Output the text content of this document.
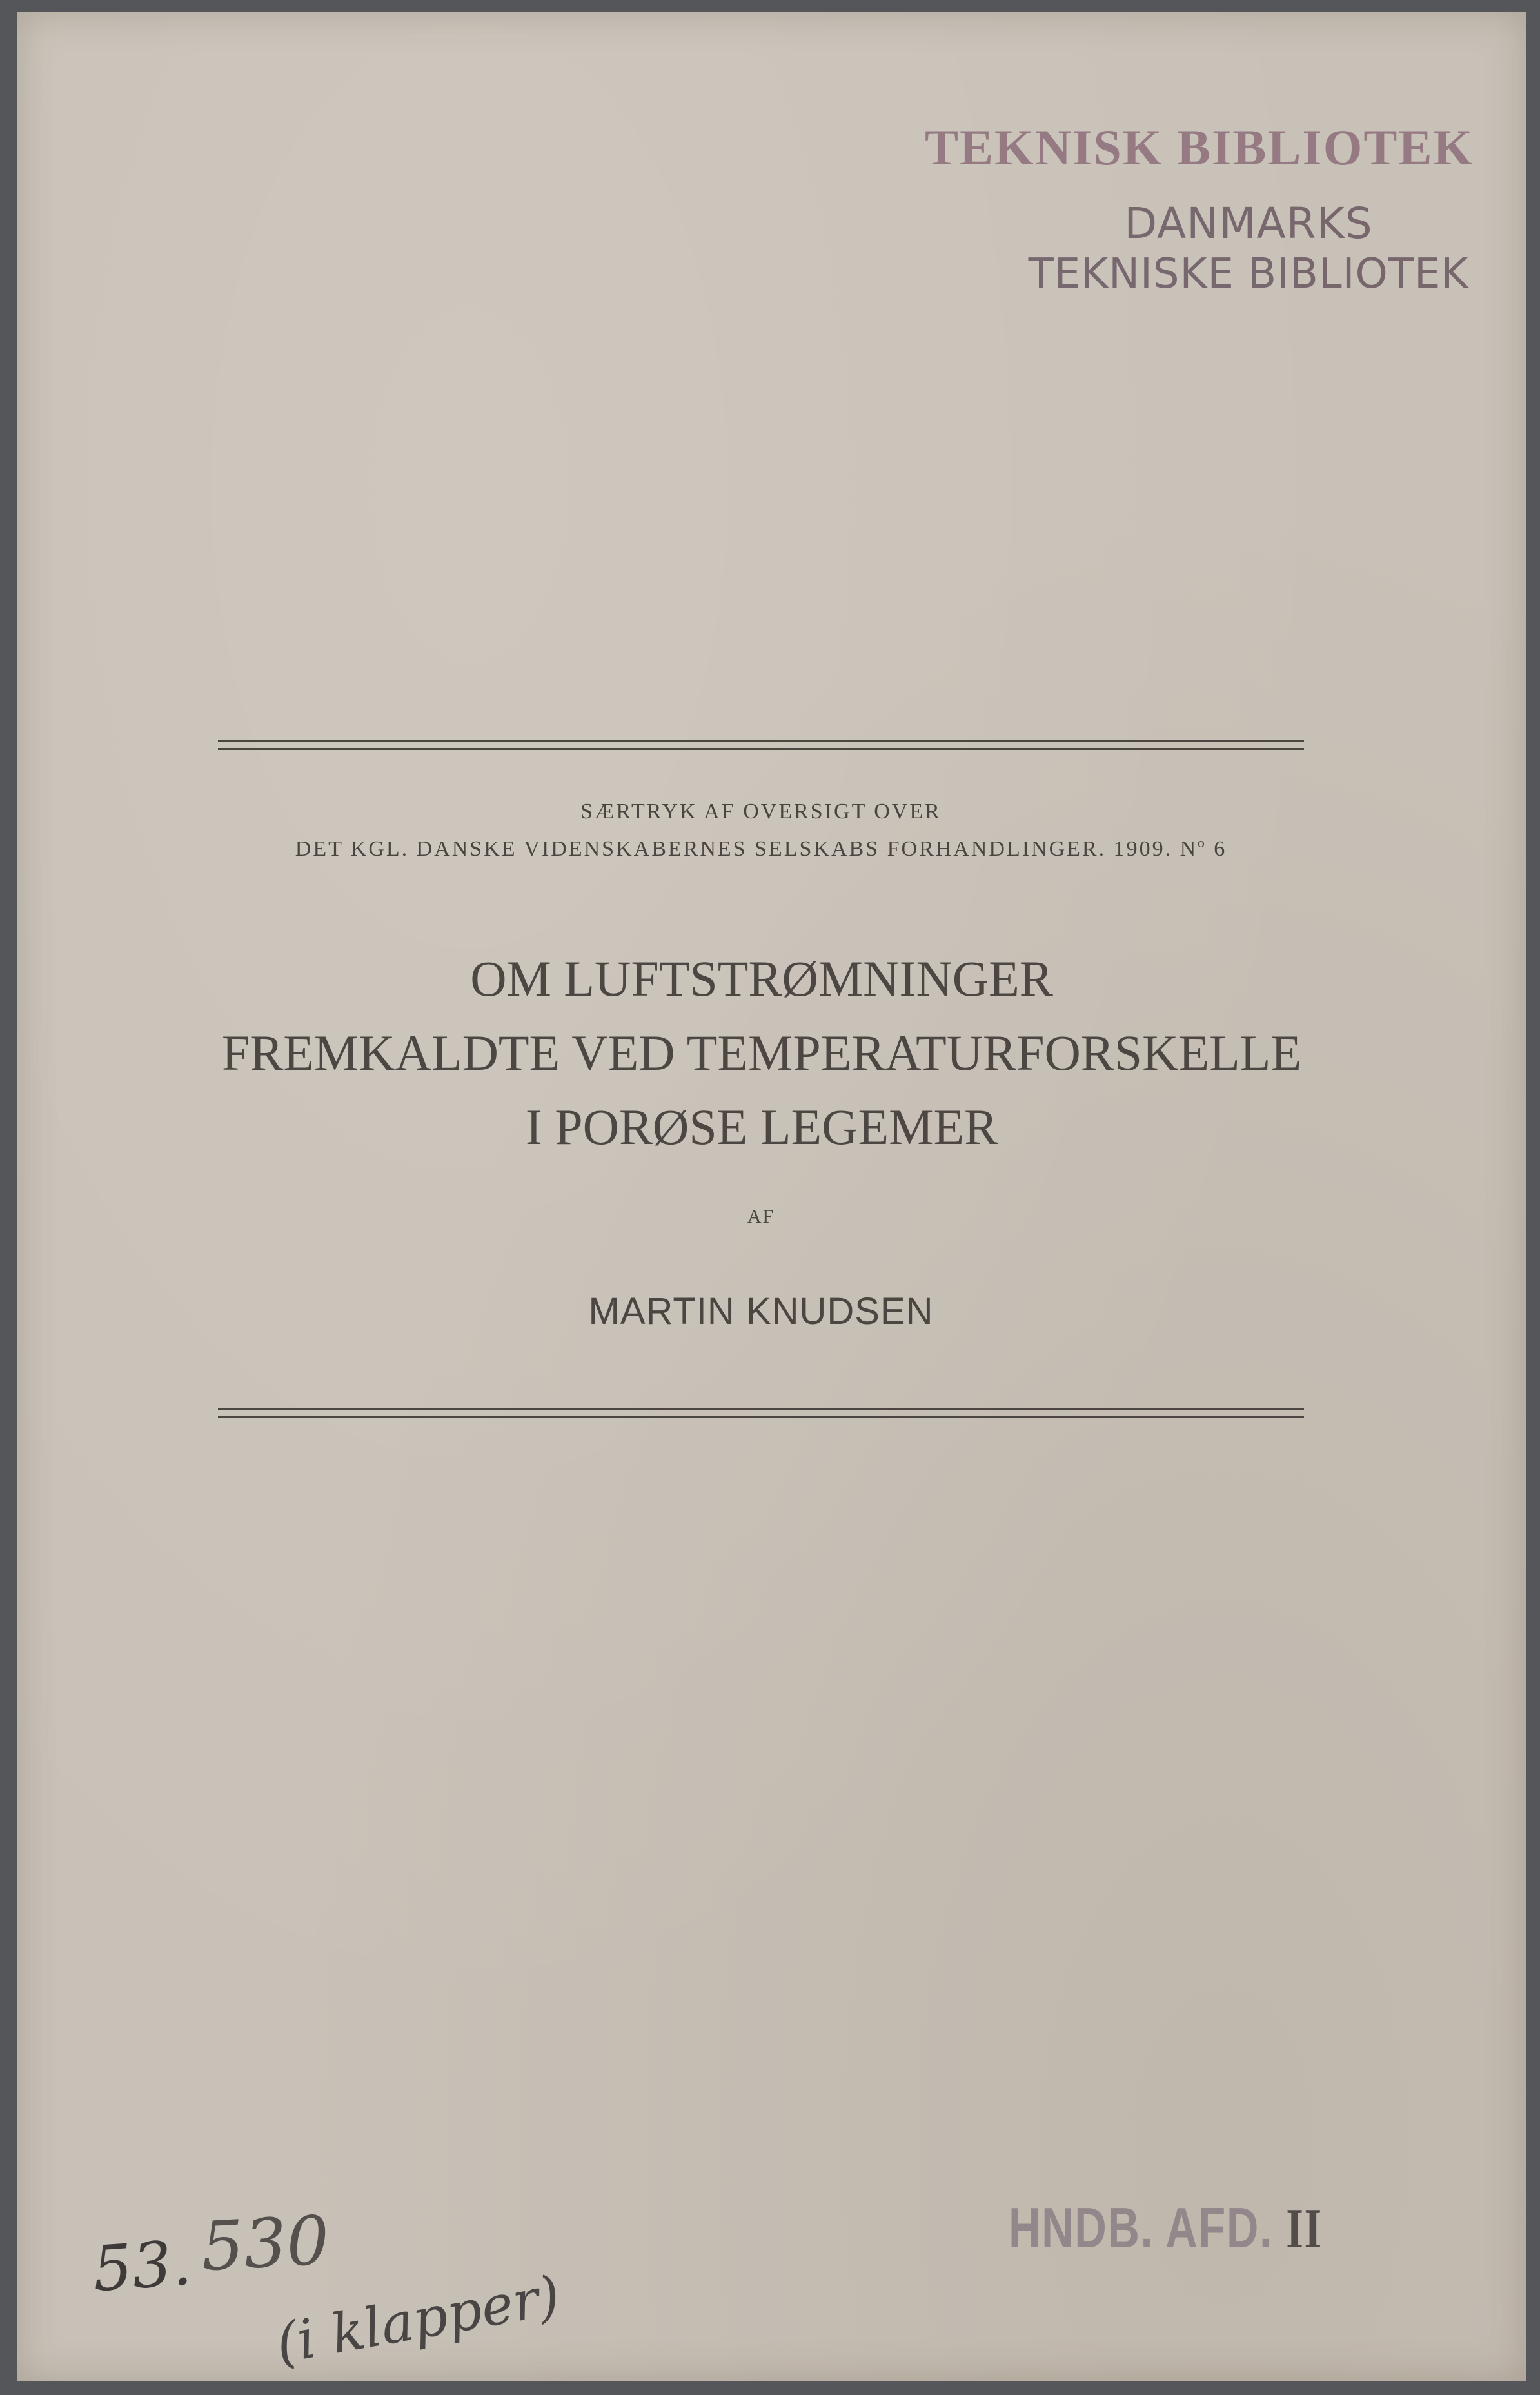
TEKNISK BIBLIOTEK
DANMARKS
TEKNISKE BIBLIOTEK
SÆRTRYK AF OVERSIGT OVER
DET KGL. DANSKE VIDENSKABERNES SELSKABS FORHANDLINGER. 1909. Nº 6
OM LUFTSTRØMNINGER
FREMKALDTE VED TEMPERATURFORSKELLE
I PORØSE LEGEMER
AF
MARTIN KNUDSEN
53. 530
(i klapper)
HNDB. AFD. II
